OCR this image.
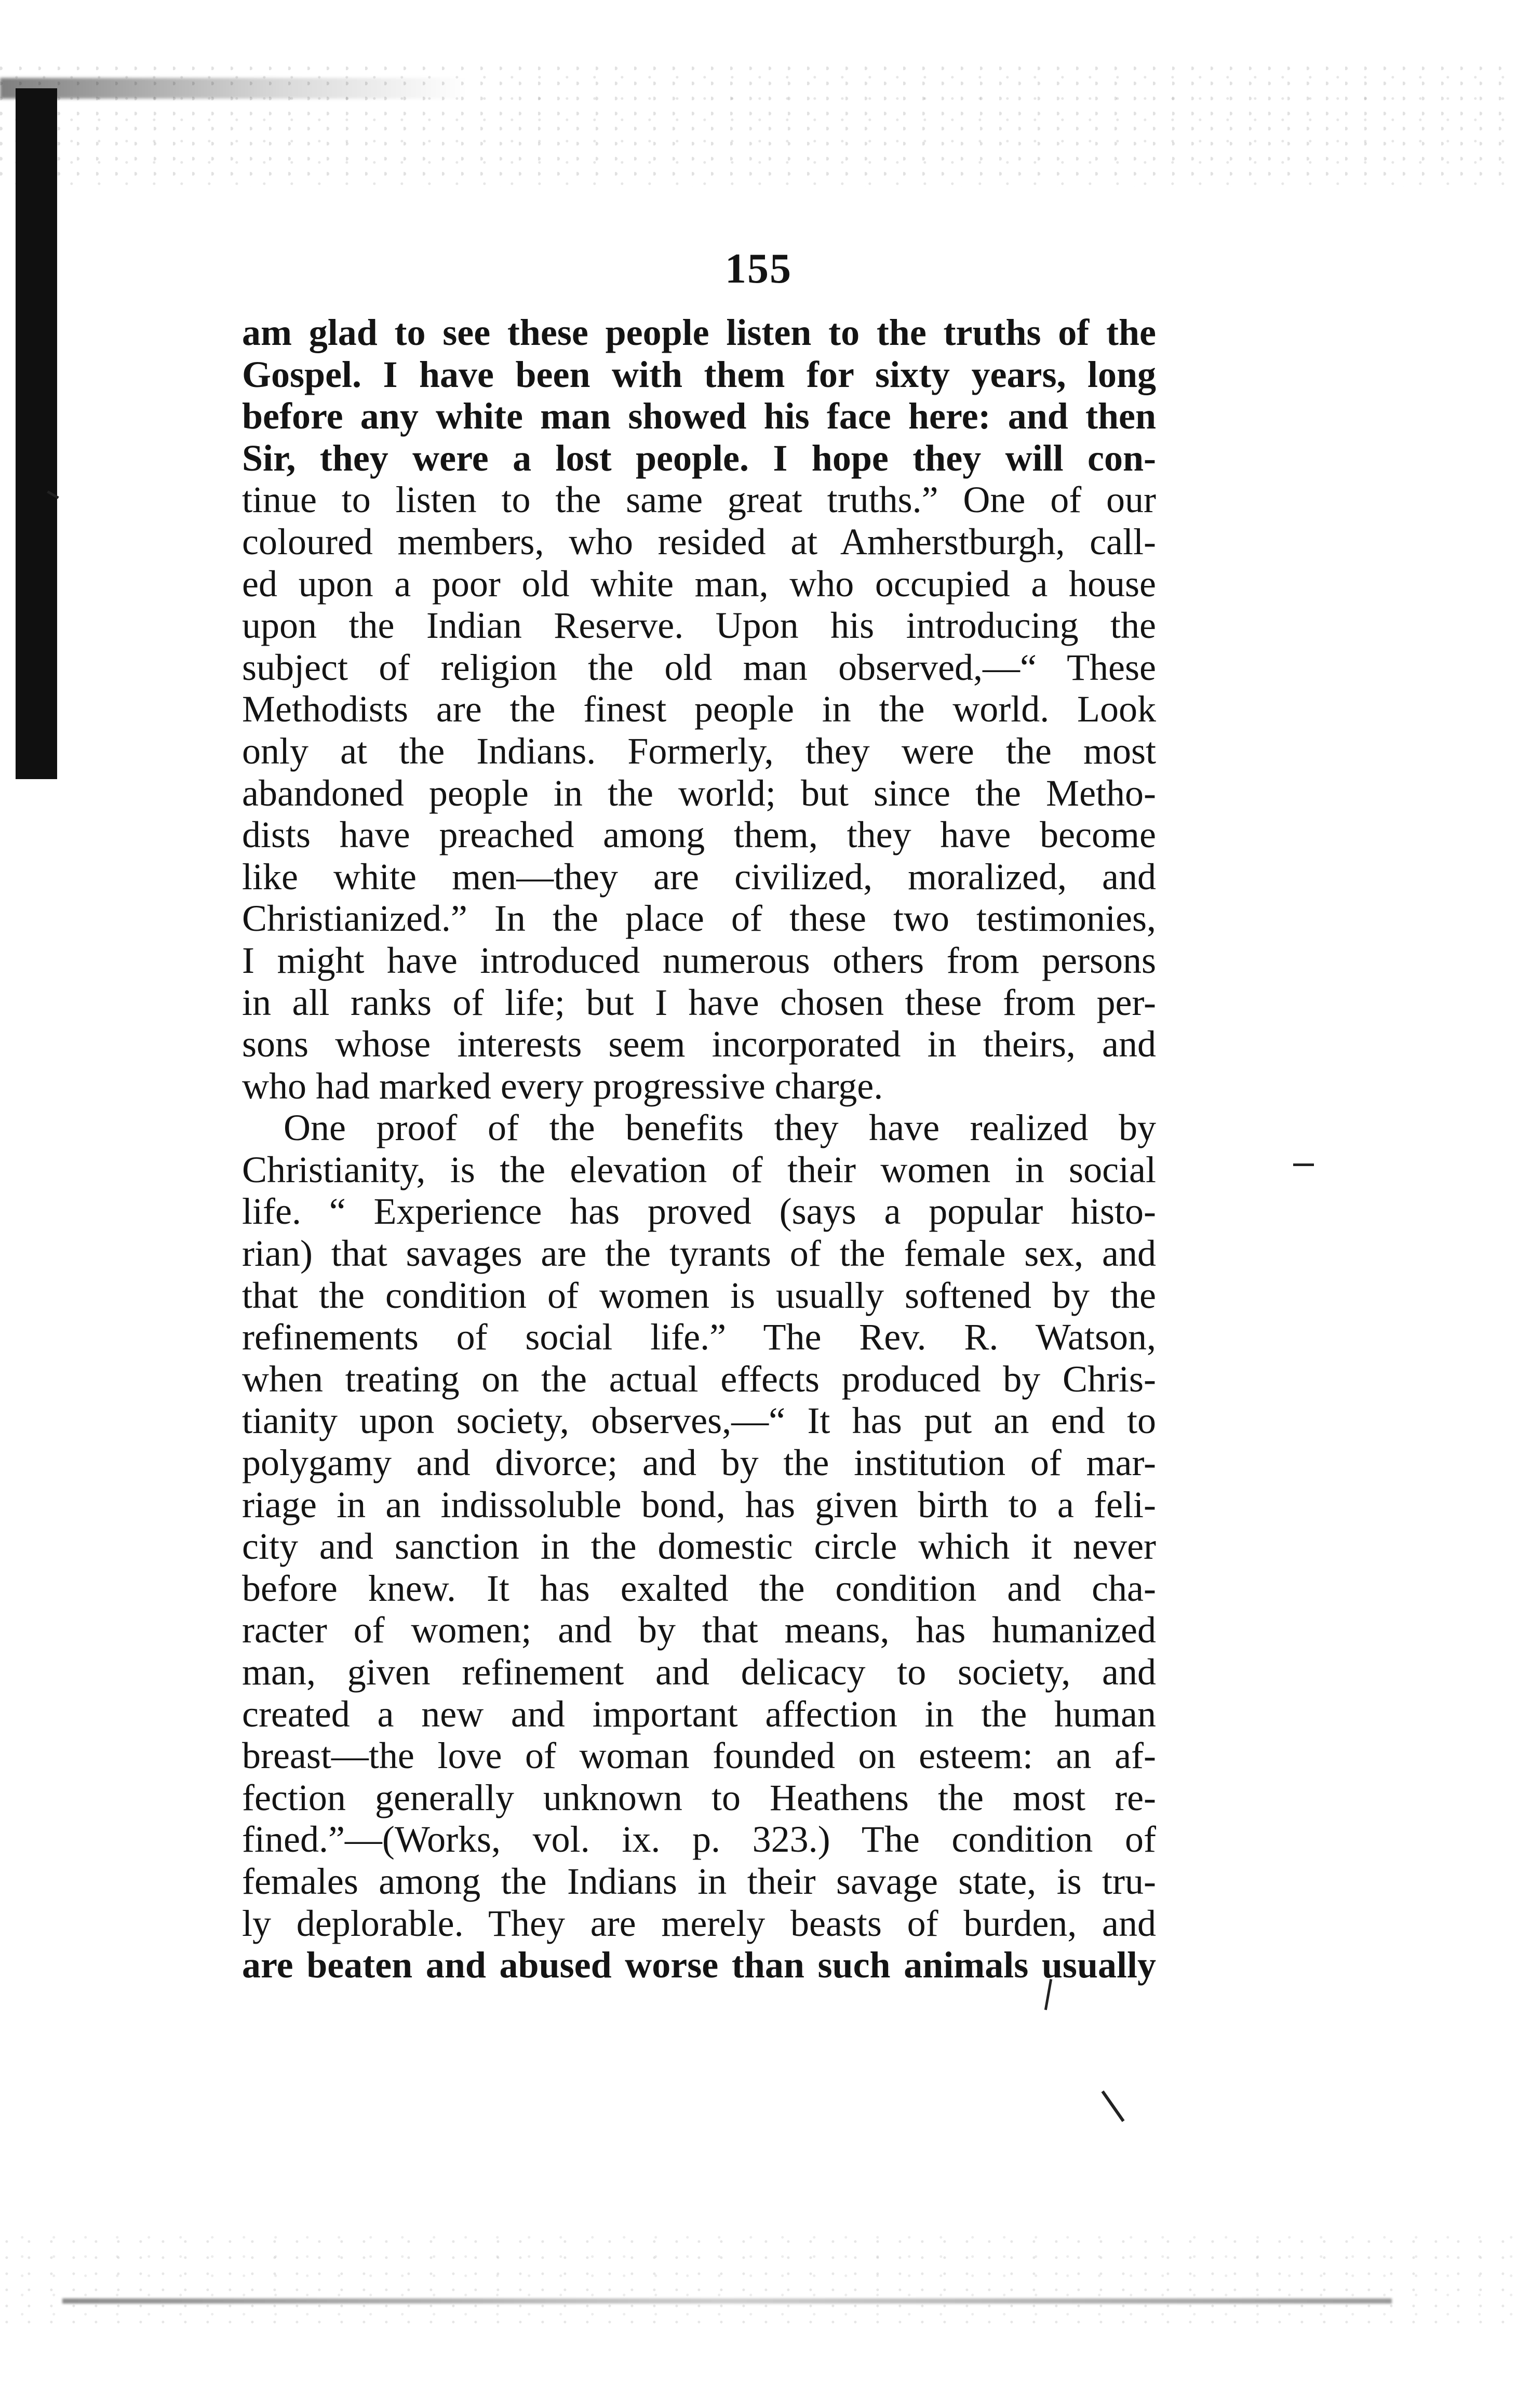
155
am glad to see these people listen to the truths of the
Gospel. I have been with them for sixty years, long
before any white man showed his face here: and then
Sir, they were a lost people. I hope they will con-
tinue to listen to the same great truths.” One of our
coloured members, who resided at Amherstburgh, call-
ed upon a poor old white man, who occupied a house
upon the Indian Reserve. Upon his introducing the
subject of religion the old man observed,—“ These
Methodists are the finest people in the world. Look
only at the Indians. Formerly, they were the most
abandoned people in the world; but since the Metho-
dists have preached among them, they have become
like white men—they are civilized, moralized, and
Christianized.” In the place of these two testimonies,
I might have introduced numerous others from persons
in all ranks of life; but I have chosen these from per-
sons whose interests seem incorporated in theirs, and
who had marked every progressive charge.
One proof of the benefits they have realized by
Christianity, is the elevation of their women in social
life. “ Experience has proved (says a popular histo-
rian) that savages are the tyrants of the female sex, and
that the condition of women is usually softened by the
refinements of social life.” The Rev. R. Watson,
when treating on the actual effects produced by Chris-
tianity upon society, observes,—“ It has put an end to
polygamy and divorce; and by the institution of mar-
riage in an indissoluble bond, has given birth to a feli-
city and sanction in the domestic circle which it never
before knew. It has exalted the condition and cha-
racter of women; and by that means, has humanized
man, given refinement and delicacy to society, and
created a new and important affection in the human
breast—the love of woman founded on esteem: an af-
fection generally unknown to Heathens the most re-
fined.”—(Works, vol. ix. p. 323.) The condition of
females among the Indians in their savage state, is tru-
ly deplorable. They are merely beasts of burden, and
are beaten and abused worse than such animals usually
